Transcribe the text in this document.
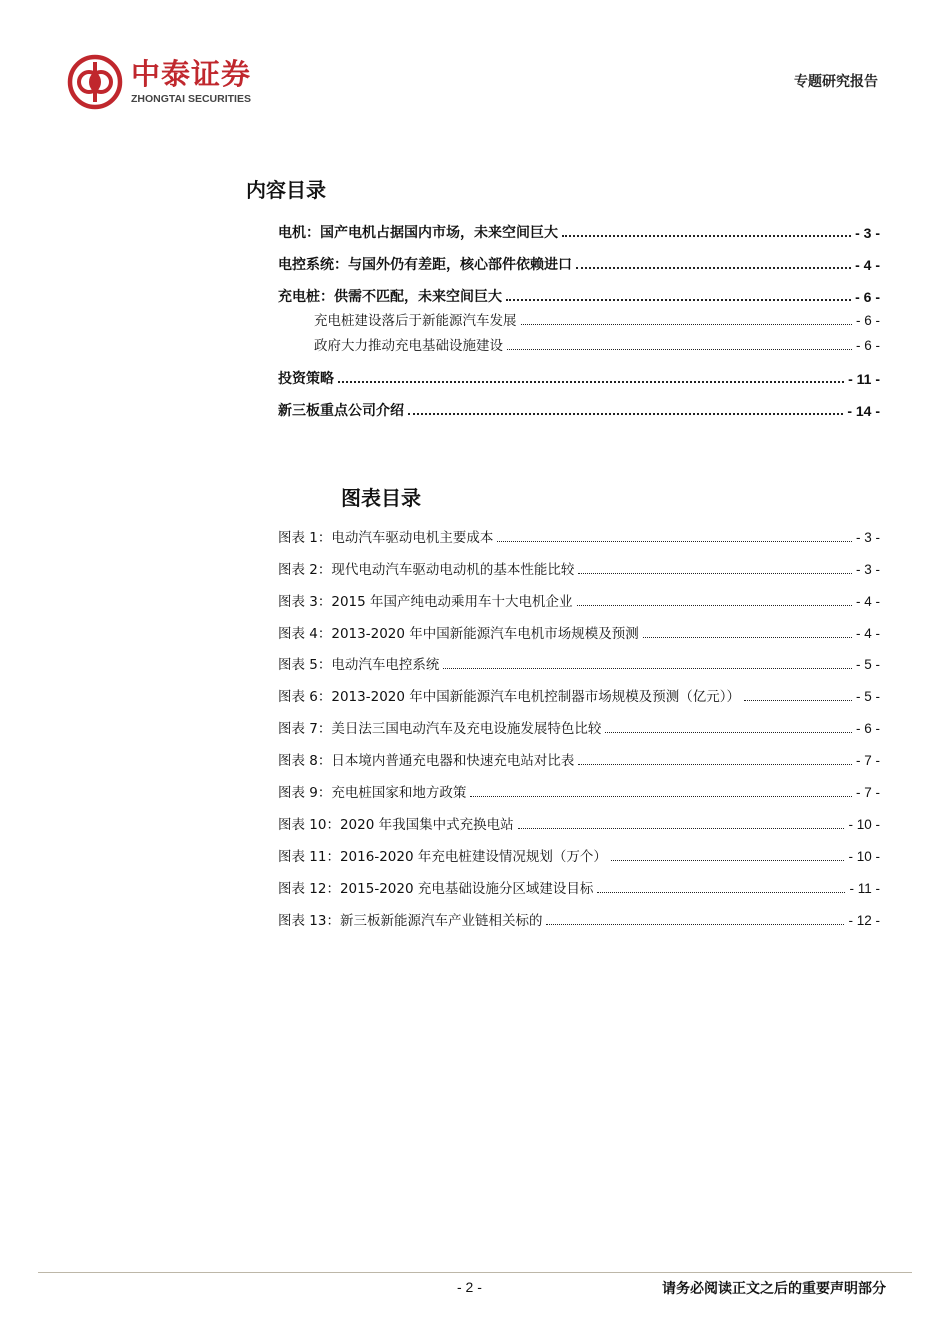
中泰证券
ZHONGTAI SECURITIES
专题研究报告
内容目录
电机：国产电机占据国内市场，未来空间巨大	- 3 -
电控系统：与国外仍有差距，核心部件依赖进口	- 4 -
充电桩：供需不匹配，未来空间巨大	- 6 -
充电桩建设落后于新能源汽车发展	- 6 -
政府大力推动充电基础设施建设	- 6 -
投资策略	- 11 -
新三板重点公司介绍	- 14 -
图表目录
图表 1：电动汽车驱动电机主要成本	- 3 -
图表 2：现代电动汽车驱动电动机的基本性能比较	- 3 -
图表 3：2015 年国产纯电动乘用车十大电机企业	- 4 -
图表 4：2013-2020 年中国新能源汽车电机市场规模及预测	- 4 -
图表 5：电动汽车电控系统	- 5 -
图表 6：2013-2020 年中国新能源汽车电机控制器市场规模及预测（亿元））	- 5 -
图表 7：美日法三国电动汽车及充电设施发展特色比较	- 6 -
图表 8：日本境内普通充电器和快速充电站对比表	- 7 -
图表 9：充电桩国家和地方政策	- 7 -
图表 10：2020 年我国集中式充换电站	- 10 -
图表 11：2016-2020 年充电桩建设情况规划（万个）	- 10 -
图表 12：2015-2020 充电基础设施分区域建设目标	- 11 -
图表 13：新三板新能源汽车产业链相关标的	- 12 -
- 2 -	请务必阅读正文之后的重要声明部分
